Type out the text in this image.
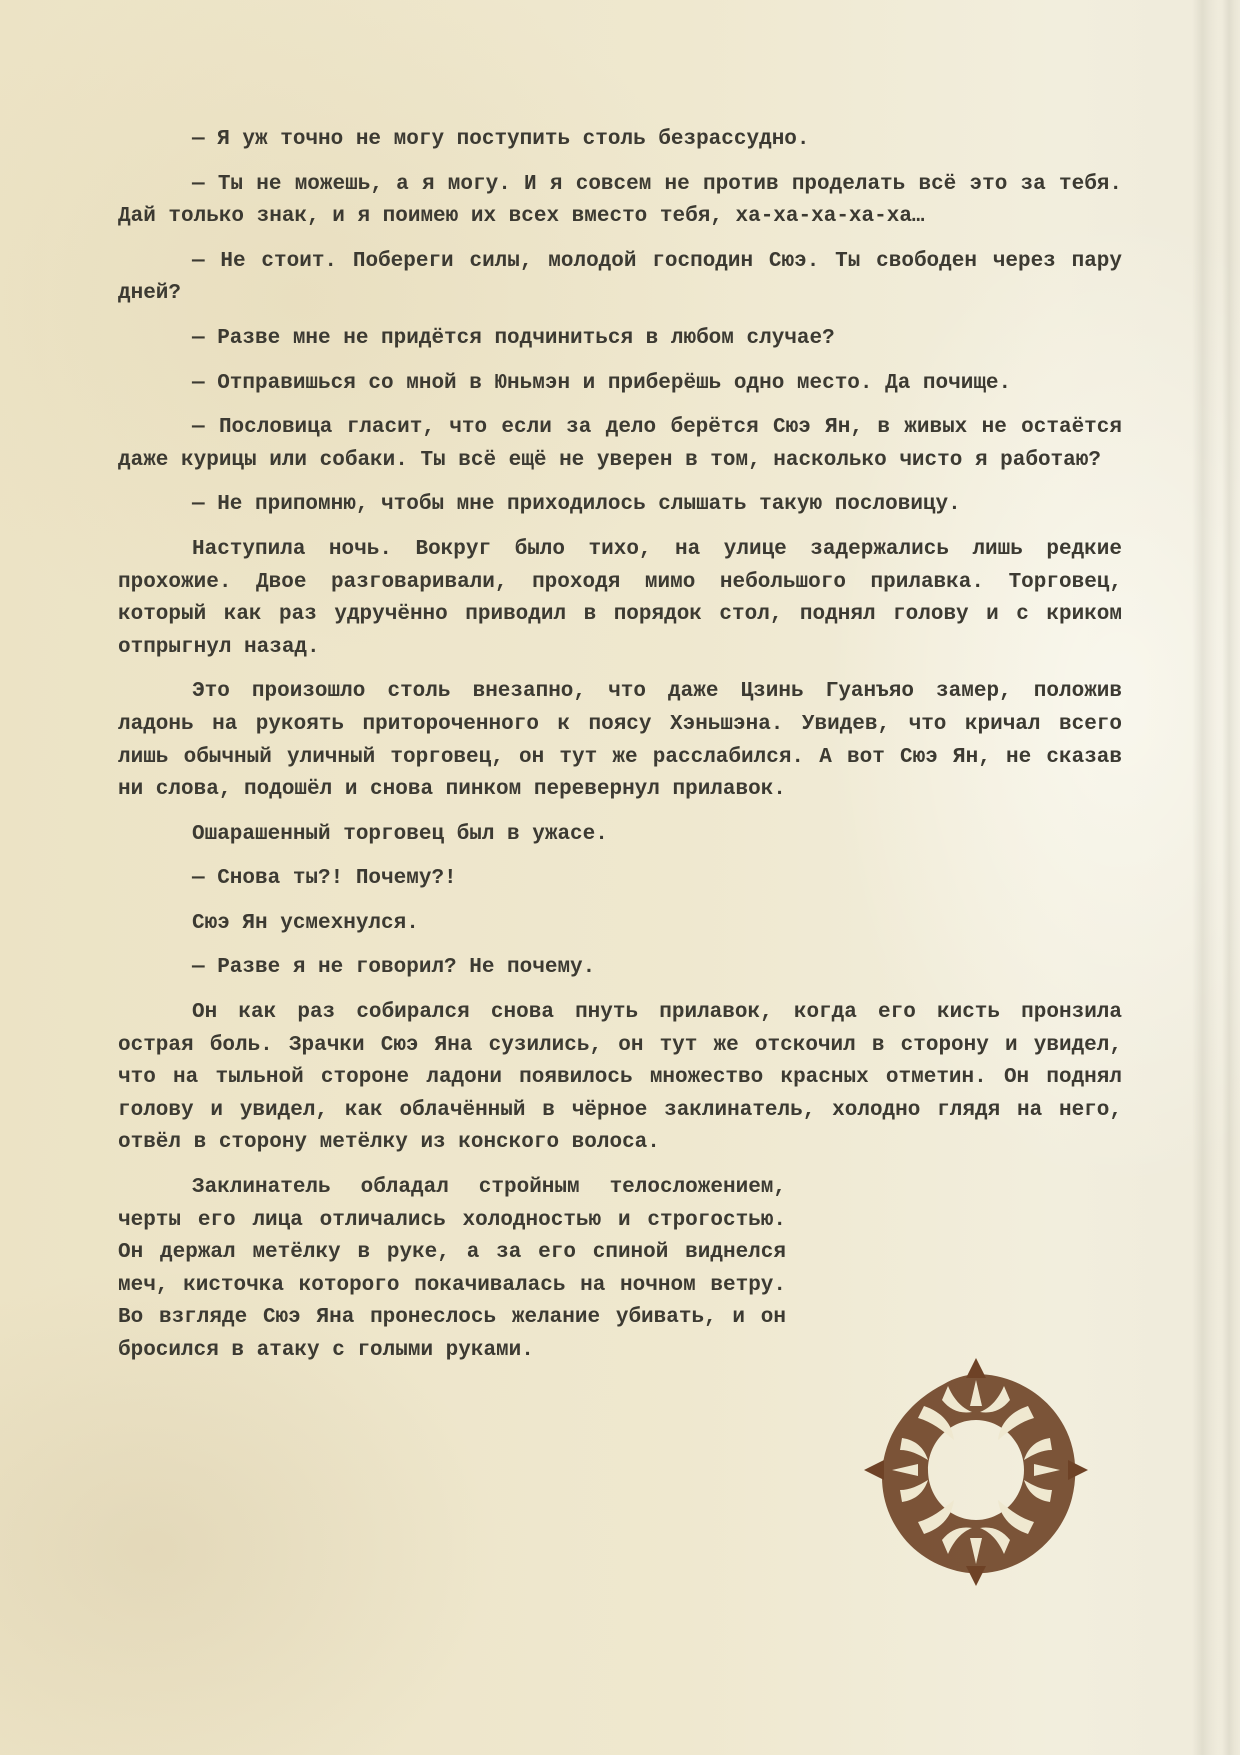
— Я уж точно не могу поступить столь безрассудно.

— Ты не можешь, а я могу. И я совсем не против проделать всё это за тебя. Дай только знак, и я поимею их всех вместо тебя, ха-ха-ха-ха-ха…

— Не стоит. Побереги силы, молодой господин Сюэ. Ты свободен через пару дней?

— Разве мне не придётся подчиниться в любом случае?

— Отправишься со мной в Юньмэн и приберёшь одно место. Да почище.

— Пословица гласит, что если за дело берётся Сюэ Ян, в живых не остаётся даже курицы или собаки. Ты всё ещё не уверен в том, насколько чисто я работаю?

— Не припомню, чтобы мне приходилось слышать такую пословицу.

Наступила ночь. Вокруг было тихо, на улице задержались лишь редкие прохожие. Двое разговаривали, проходя мимо небольшого прилавка. Торговец, который как раз удручённо приводил в порядок стол, поднял голову и с криком отпрыгнул назад.

Это произошло столь внезапно, что даже Цзинь Гуанъяо замер, положив ладонь на рукоять приторoченного к поясу Хэньшэна. Увидев, что кричал всего лишь обычный уличный торговец, он тут же расслабился. А вот Сюэ Ян, не сказав ни слова, подошёл и снова пинком перевернул прилавок.

Ошарашенный торговец был в ужасе.

— Снова ты?! Почему?!

Сюэ Ян усмехнулся.

— Разве я не говорил? Не почему.

Он как раз собирался снова пнуть прилавок, когда его кисть пронзила острая боль. Зрачки Сюэ Яна сузились, он тут же отскочил в сторону и увидел, что на тыльной стороне ладони появилось множество красных отметин. Он поднял голову и увидел, как облачённый в чёрное заклинатель, холодно глядя на него, отвёл в сторону метёлку из конского волоса.

Заклинатель обладал стройным телосложением, черты его лица отличались холодностью и строгостью. Он держал метёлку в руке, а за его спиной виднелся меч, кисточка которого покачивалась на ночном ветру. Во взгляде Сюэ Яна пронеслось желание убивать, и он бросился в атаку с голыми руками.
